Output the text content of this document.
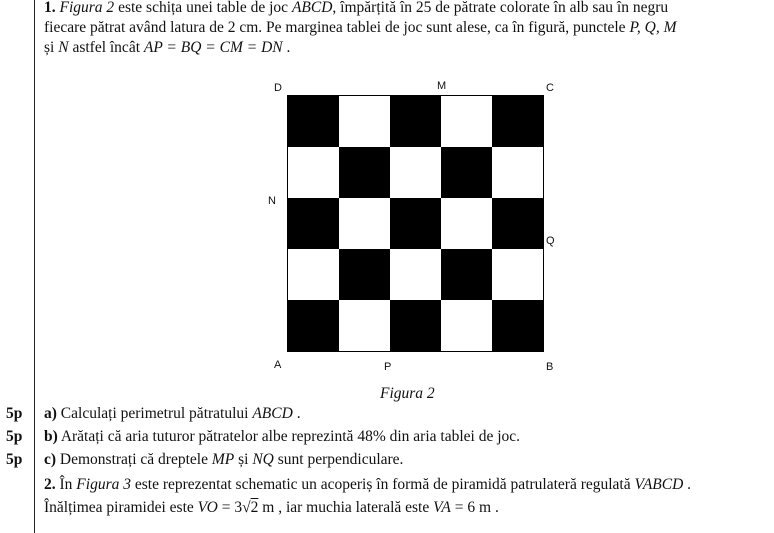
1. Figura 2 este schița unei table de joc ABCD, împărțită în 25 de pătrate colorate în alb sau în negru
fiecare pătrat având latura de 2 cm. Pe marginea tablei de joc sunt alese, ca în figură, punctele P, Q, M
și N astfel încât AP = BQ = CM = DN .
D	M	C
N
Q
A	P	B
Figura 2
5p a) Calculați perimetrul pătratului ABCD .
5p b) Arătați că aria tuturor pătratelor albe reprezintă 48% din aria tablei de joc.
5p c) Demonstrați că dreptele MP și NQ sunt perpendiculare.
2. În Figura 3 este reprezentat schematic un acoperiș în formă de piramidă patrulateră regulată VABCD .
Înălțimea piramidei este VO = 3√2 m , iar muchia laterală este VA = 6 m .
